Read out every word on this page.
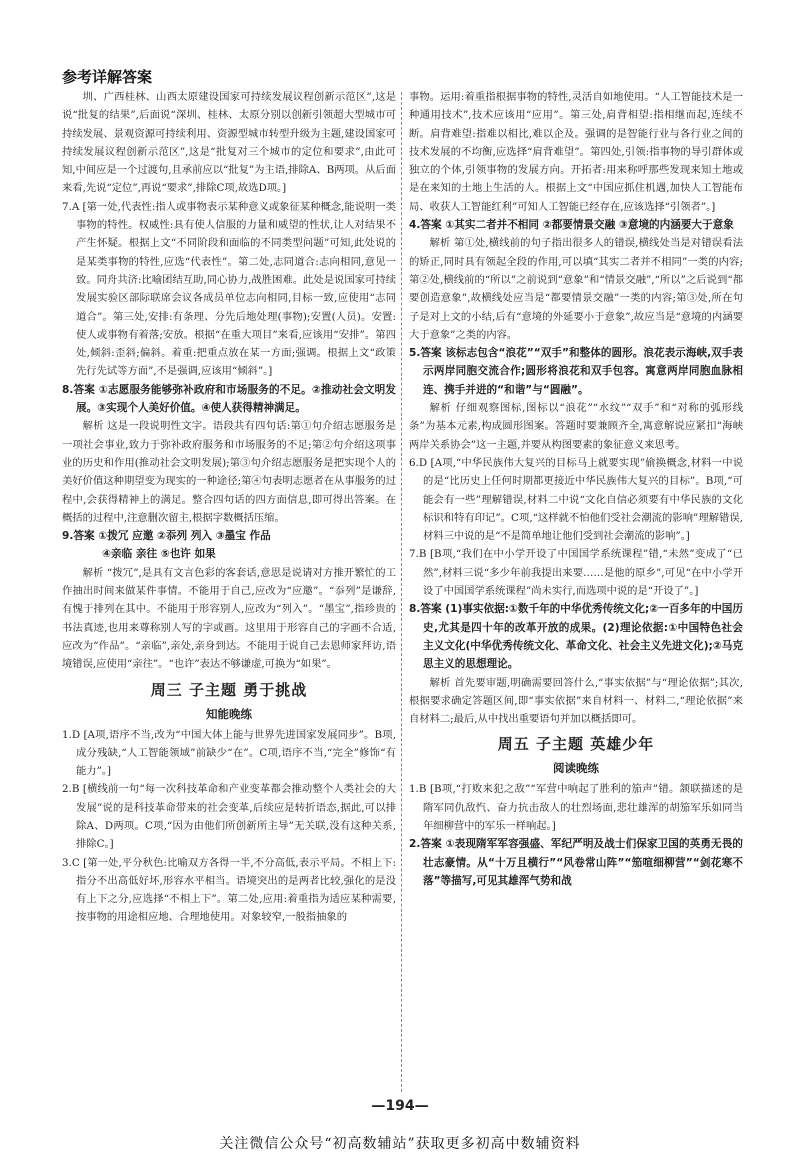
参考详解答案

圳、广西桂林、山西太原建设国家可持续发展议程创新示范区”,这是说“批复的结果”,后面说“深圳、桂林、太原分别以创新引领超大型城市可持续发展、景观资源可持续利用、资源型城市转型升级为主题,建设国家可持续发展议程创新示范区”,这是“批复对三个城市的定位和要求”,由此可知,中间应是一个过渡句,且承前应以“批复”为主语,排除A、B两项。从后面来看,先说“定位”,再说“要求”,排除C项,故选D项。]

7.A [第一处,代表性:指人或事物表示某种意义或象征某种概念,能说明一类事物的特性。权威性:具有使人信服的力量和威望的性状,让人对结果不产生怀疑。根据上文“不同阶段和面临的不同类型问题”可知,此处说的是某类事物的特性,应选“代表性”。第二处,志同道合:志向相同,意见一致。同舟共济:比喻团结互助,同心协力,战胜困难。此处是说国家可持续发展实验区部际联席会议各成员单位志向相同,目标一致,应使用“志同道合”。第三处,安排:有条理、分先后地处理(事物);安置(人员)。安置:使人或事物有着落;安放。根据“在重大项目”来看,应该用“安排”。第四处,倾斜:歪斜;偏斜。着重:把重点放在某一方面;强调。根据上文“政策先行先试等方面”,不是强调,应该用“倾斜”。]

8.答案 ①志愿服务能够弥补政府和市场服务的不足。②推动社会文明发展。③实现个人美好价值。④使人获得精神满足。

解析 这是一段说明性文字。语段共有四句话:第①句介绍志愿服务是一项社会事业,致力于弥补政府服务和市场服务的不足;第②句介绍这项事业的历史和作用(推动社会文明发展);第③句介绍志愿服务是把实现个人的美好价值这种期望变为现实的一种途径;第④句表明志愿者在从事服务的过程中,会获得精神上的满足。整合四句话的四方面信息,即可得出答案。在概括的过程中,注意删次留主,根据字数概括压缩。

9.答案 ①拨冗 应邀 ②忝列 列入 ③墨宝 作品

④亲临 亲往 ⑤也许 如果

解析 “拨冗”,是具有文言色彩的客套话,意思是说请对方推开繁忙的工作抽出时间来做某件事情。不能用于自己,应改为“应邀”。“忝列”是谦辞,有愧于排列在其中。不能用于形容别人,应改为“列入”。“墨宝”,指珍贵的书法真迹,也用来尊称别人写的字或画。这里用于形容自己的字画不合适,应改为“作品”。“亲临”,亲处,亲身到达。不能用于说自己去恩师家拜访,语境错误,应使用“亲往”。“也许”表达不够谦虚,可换为“如果”。

周三 子主题 勇于挑战
知能晚练

1.D [A项,语序不当,改为“中国大体上能与世界先进国家发展同步”。B项,成分残缺,“人工智能领域”前缺少“在”。C项,语序不当,“完全”修饰“有能力”。]

2.B [横线前一句“每一次科技革命和产业变革都会推动整个人类社会的大发展”说的是科技革命带来的社会变革,后续应是转折语态,据此,可以排除A、D两项。C项,“因为由他们所创新所主导”无关联,没有这种关系,排除C。]

3.C [第一处,平分秋色:比喻双方各得一半,不分高低,表示平局。不相上下:指分不出高低好坏,形容水平相当。语境突出的是两者比较,强化的是没有上下之分,应选择“不相上下”。第二处,应用:着重指为适应某种需要,按事物的用途相应地、合理地使用。对象较窄,一般指抽象的

事物。运用:着重指根据事物的特性,灵活自如地使用。“人工智能技术是一种通用技术”,技术应该用“应用”。第三处,肩背相望:指相继而起,连续不断。肩背难望:指难以相比,难以企及。强调的是智能行业与各行业之间的技术发展的不均衡,应选择“肩背难望”。第四处,引领:指事物的导引群体或独立的个体,引领事物的发展方向。开拓者:用来称呼那些发现来知土地或是在来知的土地上生活的人。根据上文“中国应抓住机遇,加快人工智能布局、收获人工智能红利”可知人工智能已经存在,应该选择“引领者”。]

4.答案 ①其实二者并不相同 ②都要情景交融 ③意境的内涵要大于意象

解析 第①处,横线前的句子指出很多人的错误,横线处当是对错误看法的矫正,同时具有领起全段的作用,可以填“其实二者并不相同”一类的内容;第②处,横线前的“所以”之前说到“意象”和“情景交融”,“所以”之后说到“都要创造意象”,故横线处应当是“都要情景交融”一类的内容;第③处,所在句子是对上文的小结,后有“意境的外延要小于意象”,故应当是“意境的内涵要大于意象”之类的内容。

5.答案 该标志包含“浪花”“双手”和整体的圆形。浪花表示海峡,双手表示两岸同胞交流合作;圆形将浪花和双手包容。寓意两岸同胞血脉相连、携手并进的“和谐”与“圆融”。

解析 仔细观察图标,图标以“浪花”“水纹”“双手”和“对称的弧形线条”为基本元素,构成圆形图案。答题时要兼顾齐全,寓意解说应紧扣“海峡两岸关系协会”这一主题,并要从构图要素的象征意义来思考。

6.D [A项,“中华民族伟大复兴的目标马上就要实现”偷换概念,材料一中说的是“比历史上任何时期都更接近中华民族伟大复兴的目标”。B项,“可能会有一些”理解错误,材料二中说“文化自信必须要有中华民族的文化标识和特有印记”。C项,“这样就不怕他们受社会潮流的影响”理解错误,材料三中说的是“不是简单地让他们受到社会潮流的影响”。]

7.B [B项,“我们在中小学开设了中国国学系统课程”错,“未然”变成了“已然”,材料三说“多少年前我提出来要……是他的原乡”,可见“在中小学开设了中国国学系统课程”尚未实行,而选项中说的是“开设了”。]

8.答案 (1)事实依据:①数千年的中华优秀传统文化;②一百多年的中国历史,尤其是四十年的改革开放的成果。(2)理论依据:①中国特色社会主义文化(中华优秀传统文化、革命文化、社会主义先进文化);②马克思主义的思想理论。

解析 首先要审题,明确需要回答什么,“事实依据”与“理论依据”;其次,根据要求确定答题区间,即“事实依据”来自材料一、材料二,“理论依据”来自材料二;最后,从中找出重要语句并加以概括即可。

周五 子主题 英雄少年
阅读晚练

1.B [B项,“打败来犯之敌”“军营中响起了胜利的笳声”错。颔联描述的是隋军同仇敌忾、奋力抗击敌人的壮烈场面,悲壮雄浑的胡笳军乐如同当年细柳营中的军乐一样响起。]

2.答案 ①表现隋军军容强盛、军纪严明及战士们保家卫国的英勇无畏的壮志豪情。从“十万且横行”“风卷常山阵”“笳喧细柳营”“剑花寒不落”等描写,可见其雄浑气势和战

—194—
关注微信公众号“初高数辅站”获取更多初高中数辅资料
